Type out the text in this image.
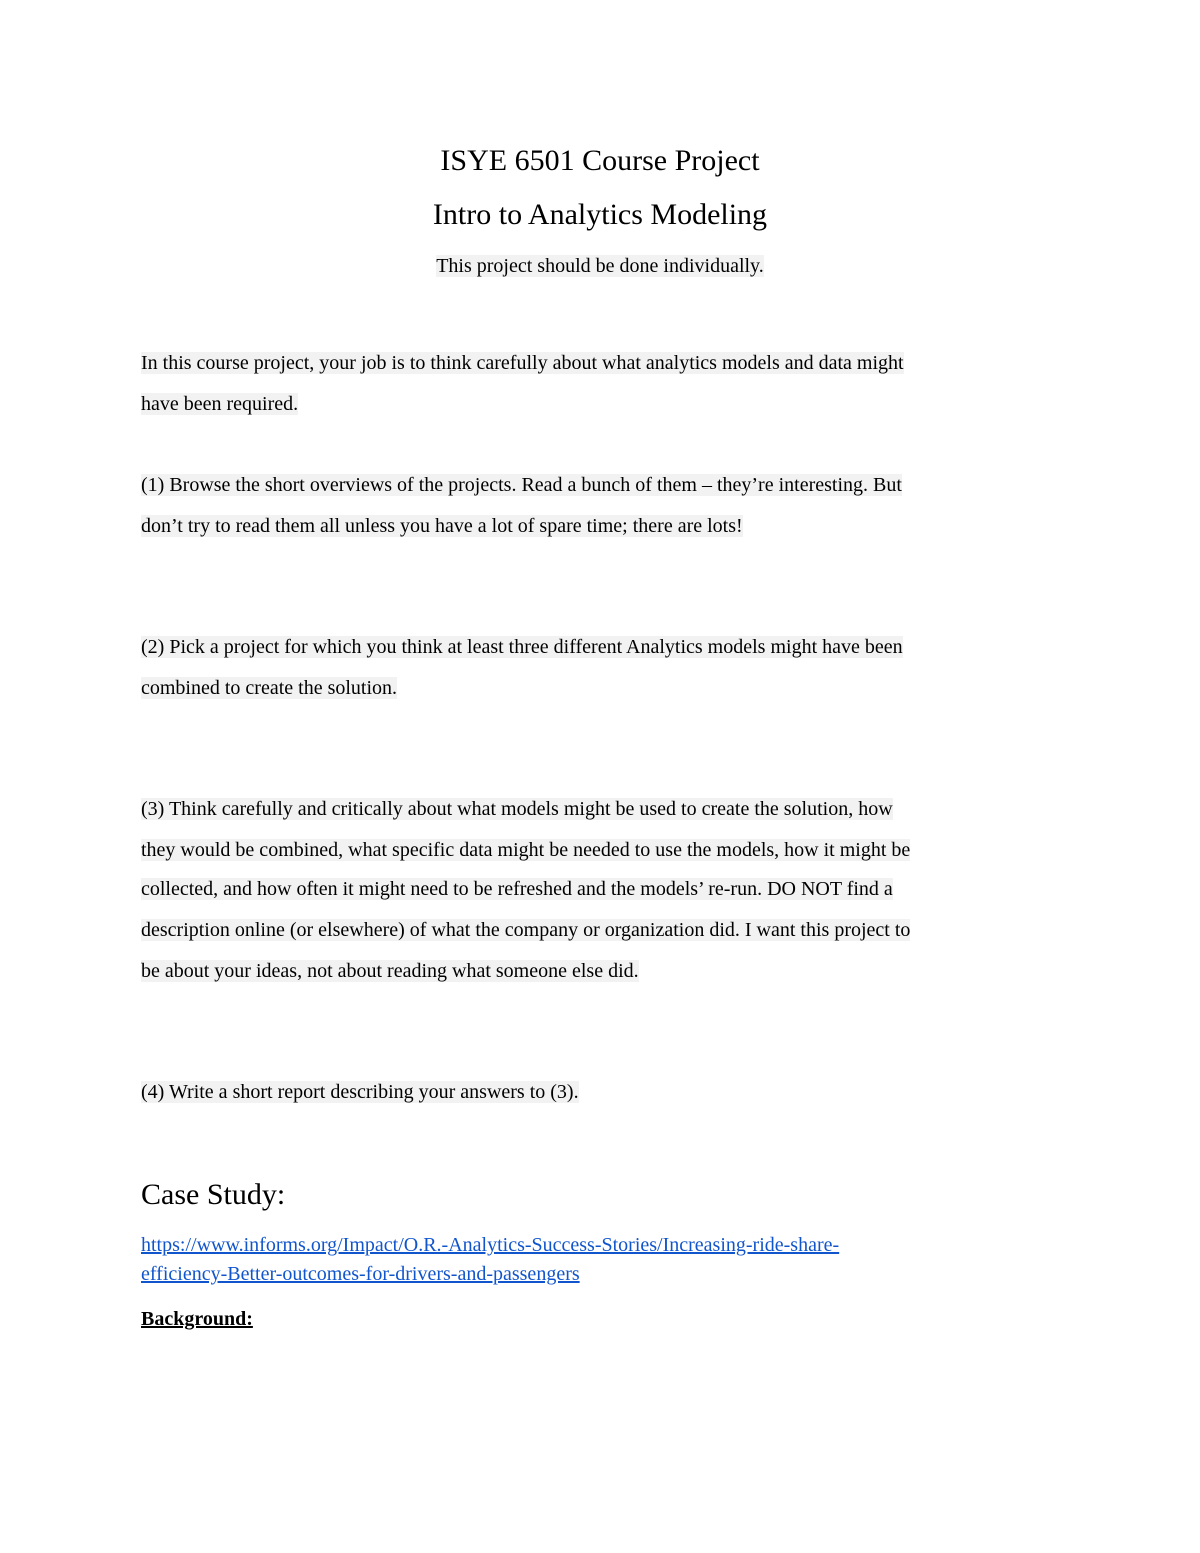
ISYE 6501 Course Project
Intro to Analytics Modeling
This project should be done individually.
In this course project, your job is to think carefully about what analytics models and data might
have been required.
(1) Browse the short overviews of the projects. Read a bunch of them – they’re interesting. But
don’t try to read them all unless you have a lot of spare time; there are lots!
(2) Pick a project for which you think at least three different Analytics models might have been
combined to create the solution.
(3) Think carefully and critically about what models might be used to create the solution, how
they would be combined, what specific data might be needed to use the models, how it might be
collected, and how often it might need to be refreshed and the models’ re-run. DO NOT find a
description online (or elsewhere) of what the company or organization did. I want this project to
be about your ideas, not about reading what someone else did.
(4) Write a short report describing your answers to (3).
Case Study:
https://www.informs.org/Impact/O.R.-Analytics-Success-Stories/Increasing-ride-share-
efficiency-Better-outcomes-for-drivers-and-passengers
Background:
